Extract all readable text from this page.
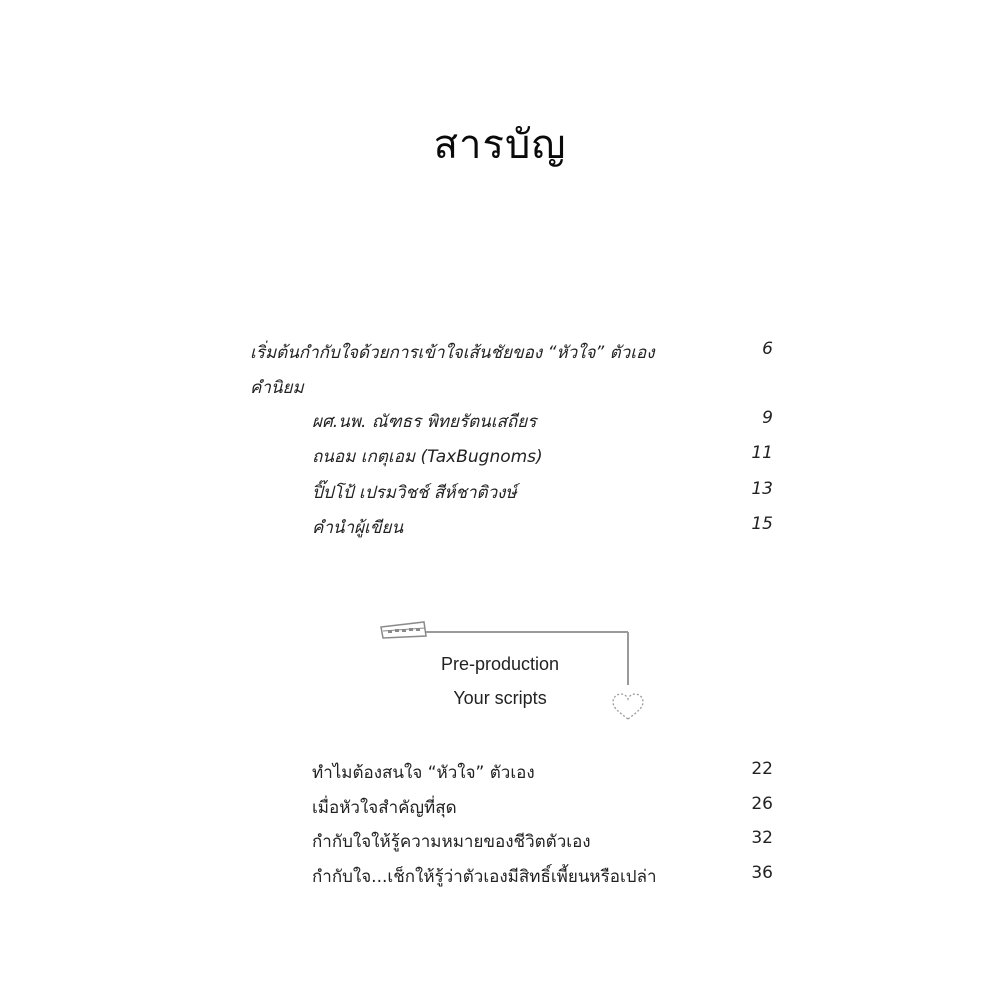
สารบัญ
เริ่มต้นกำกับใจด้วยการเข้าใจเส้นชัยของ “หัวใจ” ตัวเอง	6
คำนิยม
ผศ.นพ. ณัฑธร พิทยรัตนเสถียร	9
ถนอม เกตุเอม (TaxBugnoms)	11
ปิ๊ปโป้ เปรมวิชช์ สีห์ชาติวงษ์	13
คำนำผู้เขียน	15
Pre-production
Your scripts
ทำไมต้องสนใจ “หัวใจ” ตัวเอง	22
เมื่อหัวใจสำคัญที่สุด	26
กำกับใจให้รู้ความหมายของชีวิตตัวเอง	32
กำกับใจ...เช็กให้รู้ว่าตัวเองมีสิทธิ์เพี้ยนหรือเปล่า	36
